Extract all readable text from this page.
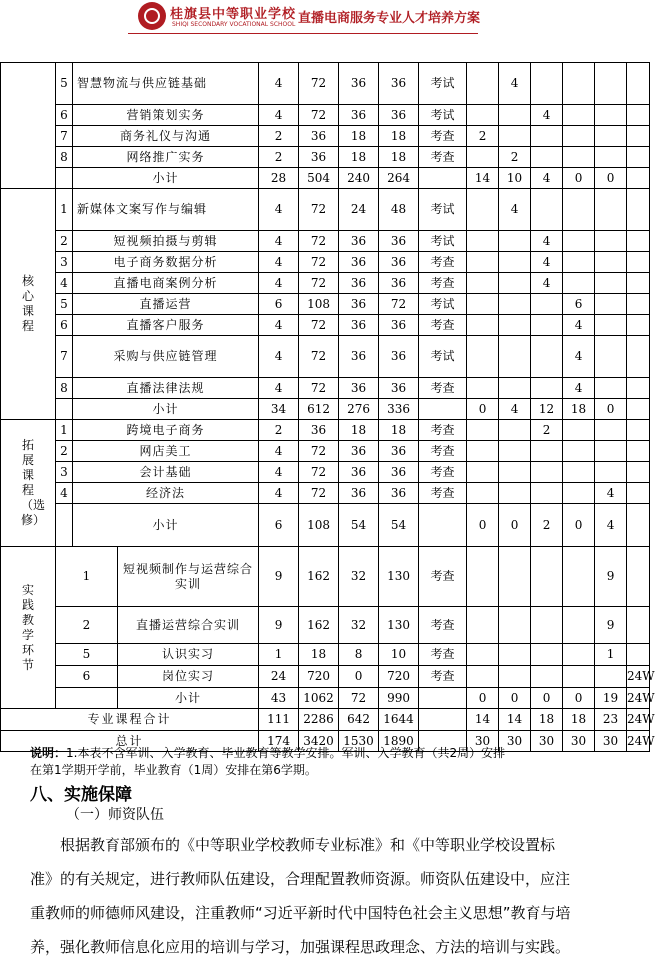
桂旗县中等职业学校
SHIQI SECONDARY VOCATIONAL SCHOOL 直播电商服务专业人才培养方案
	5	智慧物流与供应链基础		4	72	36	36	考试		4				
	6	营销策划实务		4	72	36	36	考试			4			
	7	商务礼仪与沟通		2	36	18	18	考查	2					
	8	网络推广实务		2	36	18	18	考查		2				
		小计		28	504	240	264		14	10	4	0	0	
核心课程	1	新媒体文案写作与编辑		4	72	24	48	考试		4				
	2	短视频拍摄与剪辑		4	72	36	36	考试			4			
	3	电子商务数据分析		4	72	36	36	考查			4			
	4	直播电商案例分析		4	72	36	36	考查			4			
	5	直播运营		6	108	36	72	考试				6		
	6	直播客户服务		4	72	36	36	考查				4		
	7	采购与供应链管理		4	72	36	36	考试				4		
	8	直播法律法规		4	72	36	36	考查				4		
		小计		34	612	276	336		0	4	12	18	0	
拓展课程（选修）	1	跨境电子商务		2	36	18	18	考查			2			
	2	网店美工		4	72	36	36	考查						
	3	会计基础		4	72	36	36	考查						
	4	经济法		4	72	36	36	考查					4	
		小计		6	108	54	54		0	0	2	0	4	
实践教学环节	1		短视频制作与运营综合实训	9	162	32	130	考查					9	
	2		直播运营综合实训	9	162	32	130	考查					9	
	5		认识实习	1	18	8	10	考查					1	
	6		岗位实习	24	720	0	720	考查						24W
			小计	43	1062	72	990		0	0	0	0	19	24W
专业课程合计				111	2286	642	1644		14	14	18	18	23	24W
总计				174	3420	1530	1890		30	30	30	30	30	24W
说明：1.本表不含军训、入学教育、毕业教育等教学安排。军训、入学教育（共2周）安排
在第1学期开学前，毕业教育（1周）安排在第6学期。
八、实施保障
（一）师资队伍
根据教育部颁布的《中等职业学校教师专业标准》和《中等职业学校设置标准》的有关规定，进行教师队伍建设，合理配置教师资源。师资队伍建设中，应注重教师的师德师风建设，注重教师“习近平新时代中国特色社会主义思想”教育与培养，强化教师信息化应用的培训与学习，加强课程思政理念、方法的培训与实践。
